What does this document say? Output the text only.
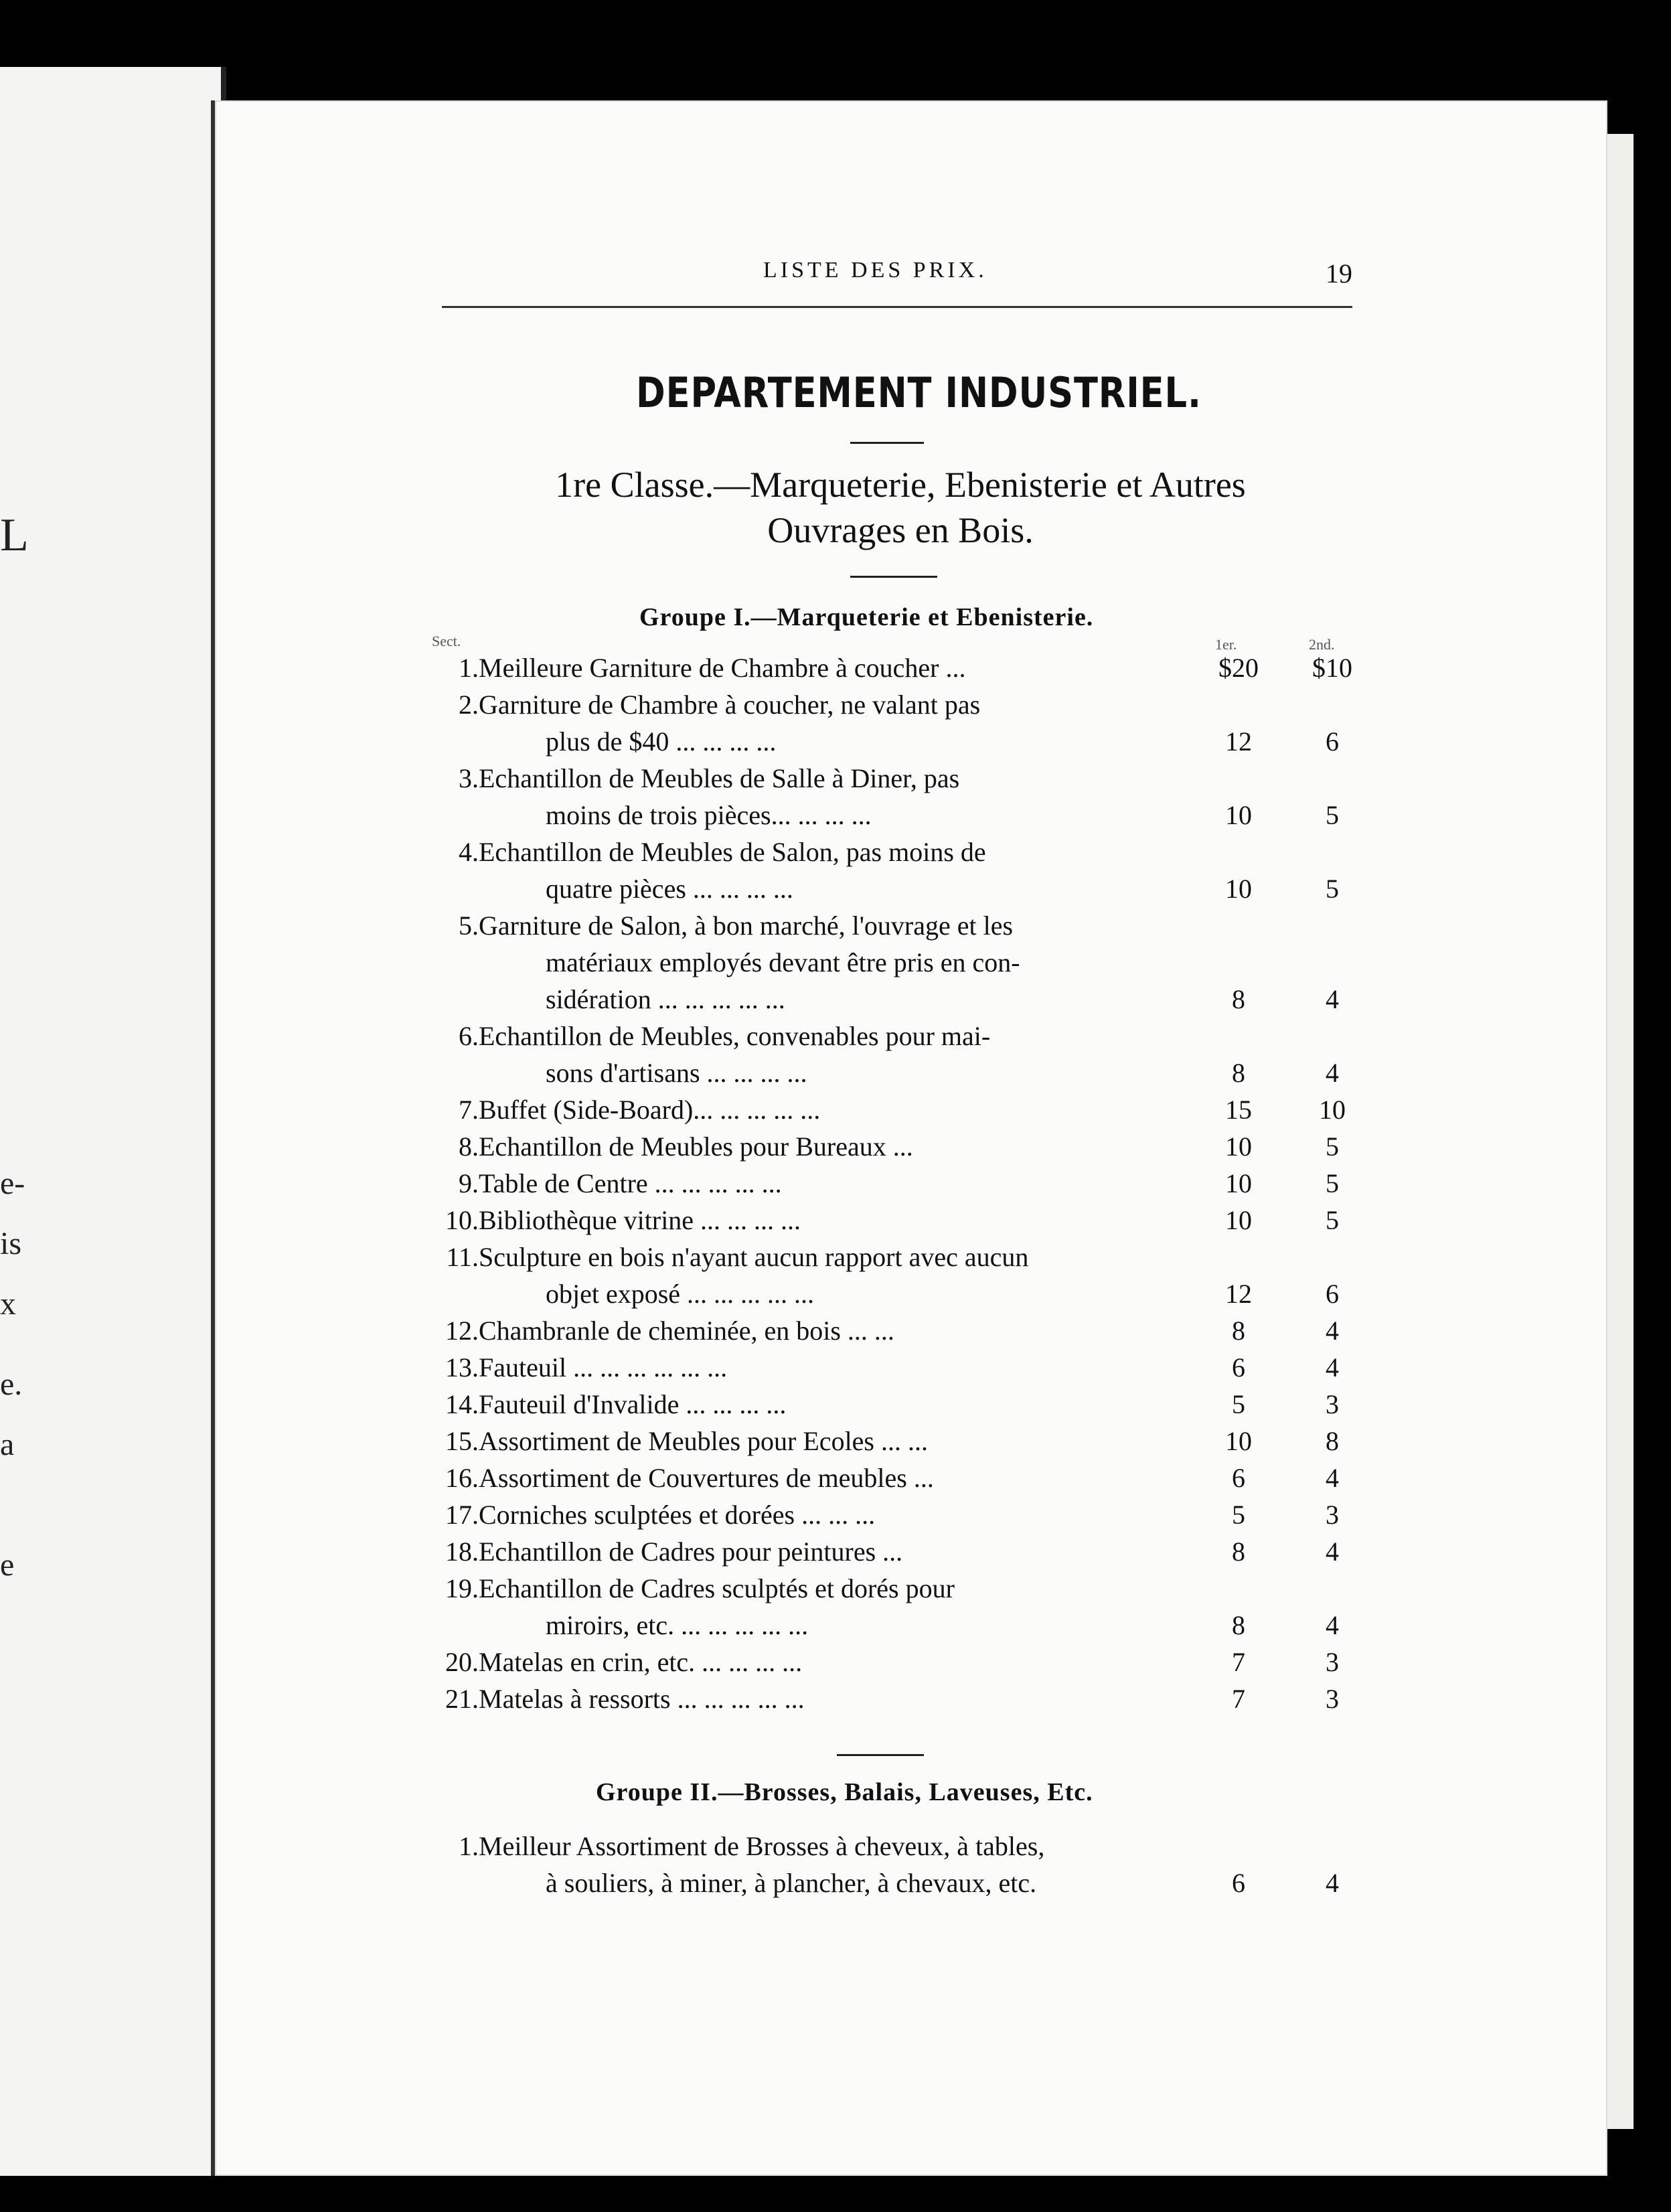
L
e-
is
x
e.
a
e
LISTE DES PRIX.	19
DEPARTEMENT INDUSTRIEL.
1re Classe.—Marqueterie, Ebenisterie et Autres
Ouvrages en Bois.
Groupe I.—Marqueterie et Ebenisterie.
Sect.	1er.	2nd.
1. Meilleure Garniture de Chambre à coucher ...	$20	$10
2. Garniture de Chambre à coucher, ne valant pas
plus de $40 ... ... ... ...	12	6
3. Echantillon de Meubles de Salle à Diner, pas
moins de trois pièces... ... ... ...	10	5
4. Echantillon de Meubles de Salon, pas moins de
quatre pièces ... ... ... ...	10	5
5. Garniture de Salon, à bon marché, l'ouvrage et les
matériaux employés devant être pris en con-
sidération ... ... ... ... ...	8	4
6. Echantillon de Meubles, convenables pour mai-
sons d'artisans ... ... ... ...	8	4
7. Buffet (Side-Board)... ... ... ... ...	15	10
8. Echantillon de Meubles pour Bureaux ...	10	5
9. Table de Centre ... ... ... ... ...	10	5
10. Bibliothèque vitrine ... ... ... ...	10	5
11. Sculpture en bois n'ayant aucun rapport avec aucun
objet exposé ... ... ... ... ...	12	6
12. Chambranle de cheminée, en bois ... ...	8	4
13. Fauteuil ... ... ... ... ... ...	6	4
14. Fauteuil d'Invalide ... ... ... ...	5	3
15. Assortiment de Meubles pour Ecoles ... ...	10	8
16. Assortiment de Couvertures de meubles ...	6	4
17. Corniches sculptées et dorées ... ... ...	5	3
18. Echantillon de Cadres pour peintures ...	8	4
19. Echantillon de Cadres sculptés et dorés pour
miroirs, etc. ... ... ... ... ...	8	4
20. Matelas en crin, etc. ... ... ... ...	7	3
21. Matelas à ressorts ... ... ... ... ...	7	3
Groupe II.—Brosses, Balais, Laveuses, Etc.
1. Meilleur Assortiment de Brosses à cheveux, à tables,
à souliers, à miner, à plancher, à chevaux, etc.	6	4
